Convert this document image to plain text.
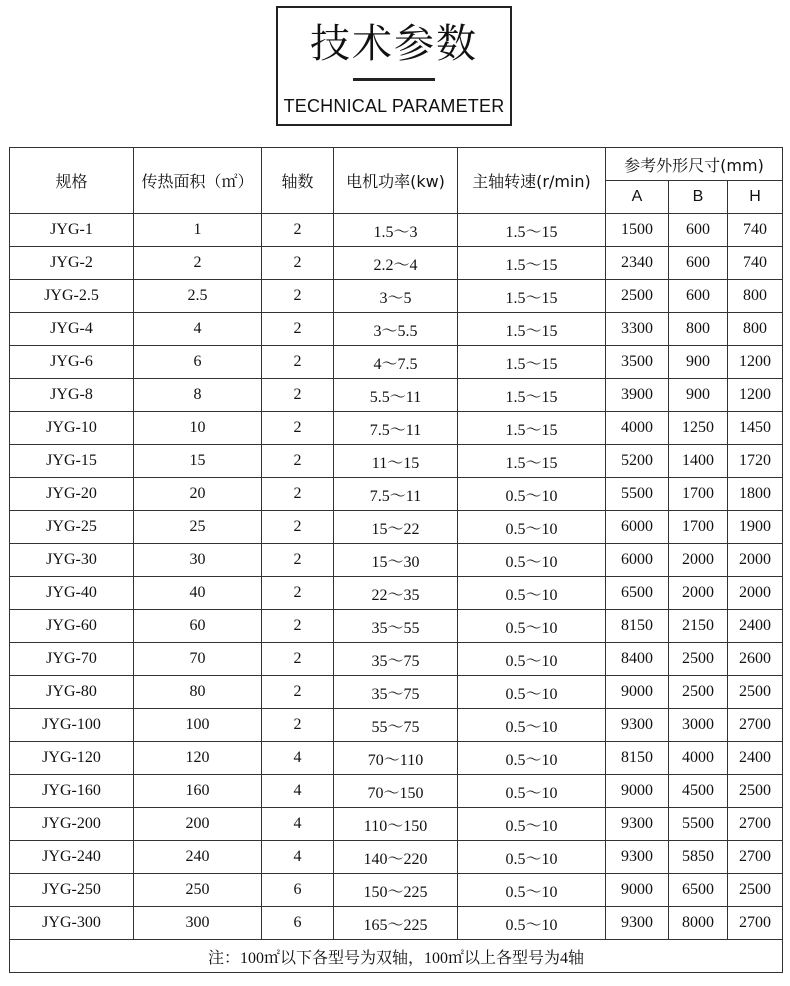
技术参数
TECHNICAL PARAMETER
规格	传热面积（㎡）	轴数	电机功率(kw)	主轴转速(r/min)	参考外形尺寸(mm)		
					A	B	H
JYG-1	1	2	1.5～3	1.5～15	1500	600	740
JYG-2	2	2	2.2～4	1.5～15	2340	600	740
JYG-2.5	2.5	2	3～5	1.5～15	2500	600	800
JYG-4	4	2	3～5.5	1.5～15	3300	800	800
JYG-6	6	2	4～7.5	1.5～15	3500	900	1200
JYG-8	8	2	5.5～11	1.5～15	3900	900	1200
JYG-10	10	2	7.5～11	1.5～15	4000	1250	1450
JYG-15	15	2	11～15	1.5～15	5200	1400	1720
JYG-20	20	2	7.5～11	0.5～10	5500	1700	1800
JYG-25	25	2	15～22	0.5～10	6000	1700	1900
JYG-30	30	2	15～30	0.5～10	6000	2000	2000
JYG-40	40	2	22～35	0.5～10	6500	2000	2000
JYG-60	60	2	35～55	0.5～10	8150	2150	2400
JYG-70	70	2	35～75	0.5～10	8400	2500	2600
JYG-80	80	2	35～75	0.5～10	9000	2500	2500
JYG-100	100	2	55～75	0.5～10	9300	3000	2700
JYG-120	120	4	70～110	0.5～10	8150	4000	2400
JYG-160	160	4	70～150	0.5～10	9000	4500	2500
JYG-200	200	4	110～150	0.5～10	9300	5500	2700
JYG-240	240	4	140～220	0.5～10	9300	5850	2700
JYG-250	250	6	150～225	0.5～10	9000	6500	2500
JYG-300	300	6	165～225	0.5～10	9300	8000	2700
注：100㎡以下各型号为双轴，100㎡以上各型号为4轴							
